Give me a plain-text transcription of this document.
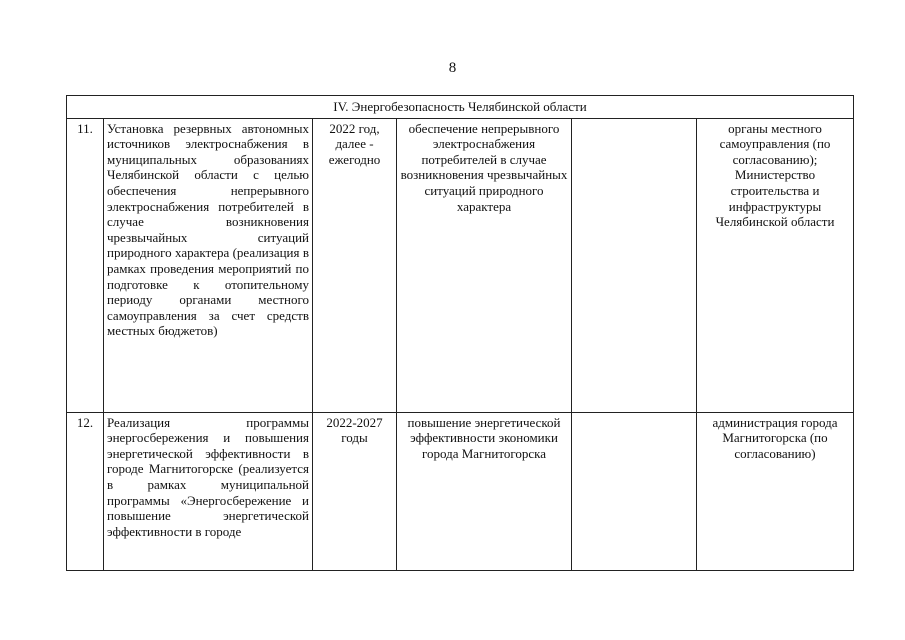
8
IV. Энергобезопасность Челябинской области					
11.	Установка резервных автономных источников электроснабжения в муниципальных образованиях Челябинской области с целью обеспечения непрерывного электроснабжения потребителей в случае возникновения чрезвычайных ситуаций природного характера (реализация в рамках проведения мероприятий по подготовке к отопительному периоду органами местного самоуправления за счет средств местных бюджетов)	2022 год, далее - ежегодно	обеспечение непрерывного электроснабжения потребителей в случае возникновения чрезвычайных ситуаций природного характера		органы местного самоуправления (по согласованию); Министерство строительства и инфраструктуры Челябинской области
12.	Реализация программы энергосбережения и повышения энергетической эффективности в городе Магнитогорске (реализуется в рамках муниципальной программы «Энергосбережение и повышение энергетической эффективности в городе	2022-2027 годы	повышение энергетической эффективности экономики города Магнитогорска		администрация города Магнитогорска (по согласованию)
